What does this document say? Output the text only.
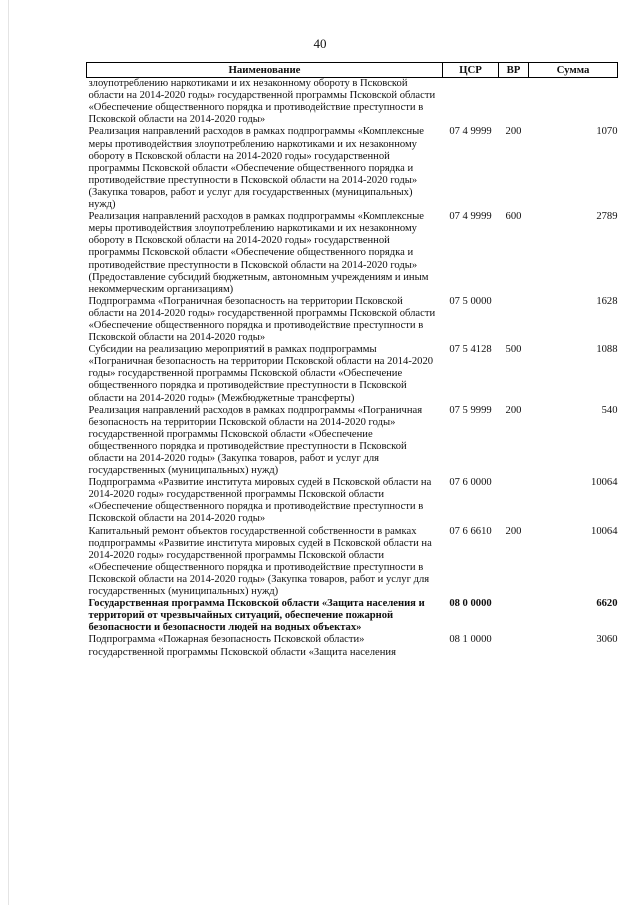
40
Наименование	ЦСР	ВР	Сумма
злоупотреблению наркотиками и их незаконному обороту в Псковской области на 2014-2020 годы» государственной программы Псковской области «Обеспечение общественного порядка и противодействие преступности в Псковской области на 2014-2020 годы»			
Реализация направлений расходов в рамках подпрограммы «Комплексные меры противодействия злоупотреблению наркотиками и их незаконному обороту в Псковской области на 2014-2020 годы» государственной программы Псковской области «Обеспечение общественного порядка и противодействие преступности в Псковской области на 2014-2020 годы» (Закупка товаров, работ и услуг для государственных (муниципальных) нужд)	07 4 9999	200	1070
Реализация направлений расходов в рамках подпрограммы «Комплексные меры противодействия злоупотреблению наркотиками и их незаконному обороту в Псковской области на 2014-2020 годы» государственной программы Псковской области «Обеспечение общественного порядка и противодействие преступности в Псковской области на 2014-2020 годы» (Предоставление субсидий бюджетным, автономным учреждениям и иным некоммерческим организациям)	07 4 9999	600	2789
Подпрограмма «Пограничная безопасность на территории Псковской области на 2014-2020 годы» государственной программы Псковской области «Обеспечение общественного порядка и противодействие преступности в Псковской области на 2014-2020 годы»	07 5 0000		1628
Субсидии на реализацию мероприятий в рамках подпрограммы «Пограничная безопасность на территории Псковской области на 2014-2020 годы» государственной программы Псковской области «Обеспечение общественного порядка и противодействие преступности в Псковской области на 2014-2020 годы» (Межбюджетные трансферты)	07 5 4128	500	1088
Реализация направлений расходов в рамках подпрограммы «Пограничная безопасность на территории Псковской области на 2014-2020 годы» государственной программы Псковской области «Обеспечение общественного порядка и противодействие преступности в Псковской области на 2014-2020 годы» (Закупка товаров, работ и услуг для государственных (муниципальных) нужд)	07 5 9999	200	540
Подпрограмма «Развитие института мировых судей в Псковской области на 2014-2020 годы» государственной программы Псковской области «Обеспечение общественного порядка и противодействие преступности в Псковской области на 2014-2020 годы»	07 6 0000		10064
Капитальный ремонт объектов государственной собственности в рамках подпрограммы «Развитие института мировых судей в Псковской области на 2014-2020 годы» государственной программы Псковской области «Обеспечение общественного порядка и противодействие преступности в Псковской области на 2014-2020 годы» (Закупка товаров, работ и услуг для государственных (муниципальных) нужд)	07 6 6610	200	10064
Государственная программа Псковской области «Защита населения и территорий от чрезвычайных ситуаций, обеспечение пожарной безопасности и безопасности людей на водных объектах»	08 0 0000		6620
Подпрограмма «Пожарная безопасность Псковской области» государственной программы Псковской области «Защита населения	08 1 0000		3060
